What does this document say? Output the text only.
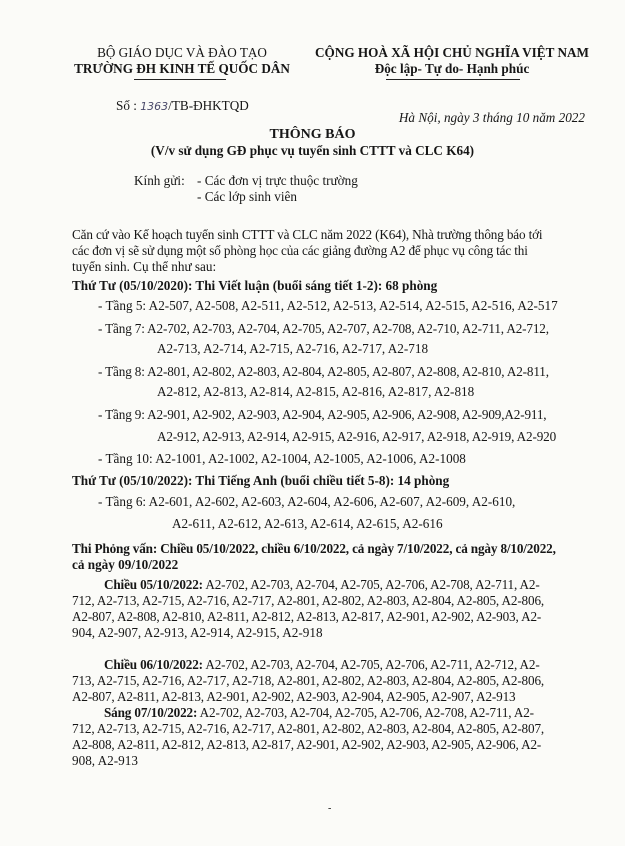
BỘ GIÁO DỤC VÀ ĐÀO TẠO
TRƯỜNG ĐH KINH TẾ QUỐC DÂN
CỘNG HOÀ XÃ HỘI CHỦ NGHĨA VIỆT NAM
Độc lập- Tự do- Hạnh phúc
Số : 1363/TB-ĐHKTQD
Hà Nội, ngày 3 tháng 10 năm 2022
THÔNG BÁO
(V/v sử dụng GĐ phục vụ tuyển sinh CTTT và CLC K64)
Kính gửi: - Các đơn vị trực thuộc trường
- Các lớp sinh viên
Căn cứ vào Kế hoạch tuyển sinh CTTT và CLC năm 2022 (K64), Nhà trường thông báo tới
các đơn vị sẽ sử dụng một số phòng học của các giảng đường A2 để phục vụ công tác thi
tuyển sinh. Cụ thể như sau:
Thứ Tư (05/10/2020): Thi Viết luận (buổi sáng tiết 1-2): 68 phòng
- Tầng 5: A2-507, A2-508, A2-511, A2-512, A2-513, A2-514, A2-515, A2-516, A2-517
- Tầng 7: A2-702, A2-703, A2-704, A2-705, A2-707, A2-708, A2-710, A2-711, A2-712,
A2-713, A2-714, A2-715, A2-716, A2-717, A2-718
- Tầng 8: A2-801, A2-802, A2-803, A2-804, A2-805, A2-807, A2-808, A2-810, A2-811,
A2-812, A2-813, A2-814, A2-815, A2-816, A2-817, A2-818
- Tầng 9: A2-901, A2-902, A2-903, A2-904, A2-905, A2-906, A2-908, A2-909,A2-911,
A2-912, A2-913, A2-914, A2-915, A2-916, A2-917, A2-918, A2-919, A2-920
- Tầng 10: A2-1001, A2-1002, A2-1004, A2-1005, A2-1006, A2-1008
Thứ Tư (05/10/2022): Thi Tiếng Anh (buổi chiều tiết 5-8): 14 phòng
- Tầng 6: A2-601, A2-602, A2-603, A2-604, A2-606, A2-607, A2-609, A2-610,
A2-611, A2-612, A2-613, A2-614, A2-615, A2-616
Thi Phỏng vấn: Chiều 05/10/2022, chiều 6/10/2022, cả ngày 7/10/2022, cả ngày 8/10/2022,
cả ngày 09/10/2022
Chiều 05/10/2022: A2-702, A2-703, A2-704, A2-705, A2-706, A2-708, A2-711, A2-
712, A2-713, A2-715, A2-716, A2-717, A2-801, A2-802, A2-803, A2-804, A2-805, A2-806,
A2-807, A2-808, A2-810, A2-811, A2-812, A2-813, A2-817, A2-901, A2-902, A2-903, A2-
904, A2-907, A2-913, A2-914, A2-915, A2-918
Chiều 06/10/2022: A2-702, A2-703, A2-704, A2-705, A2-706, A2-711, A2-712, A2-
713, A2-715, A2-716, A2-717, A2-718, A2-801, A2-802, A2-803, A2-804, A2-805, A2-806,
A2-807, A2-811, A2-813, A2-901, A2-902, A2-903, A2-904, A2-905, A2-907, A2-913
Sáng 07/10/2022: A2-702, A2-703, A2-704, A2-705, A2-706, A2-708, A2-711, A2-
712, A2-713, A2-715, A2-716, A2-717, A2-801, A2-802, A2-803, A2-804, A2-805, A2-807,
A2-808, A2-811, A2-812, A2-813, A2-817, A2-901, A2-902, A2-903, A2-905, A2-906, A2-
908, A2-913
-
